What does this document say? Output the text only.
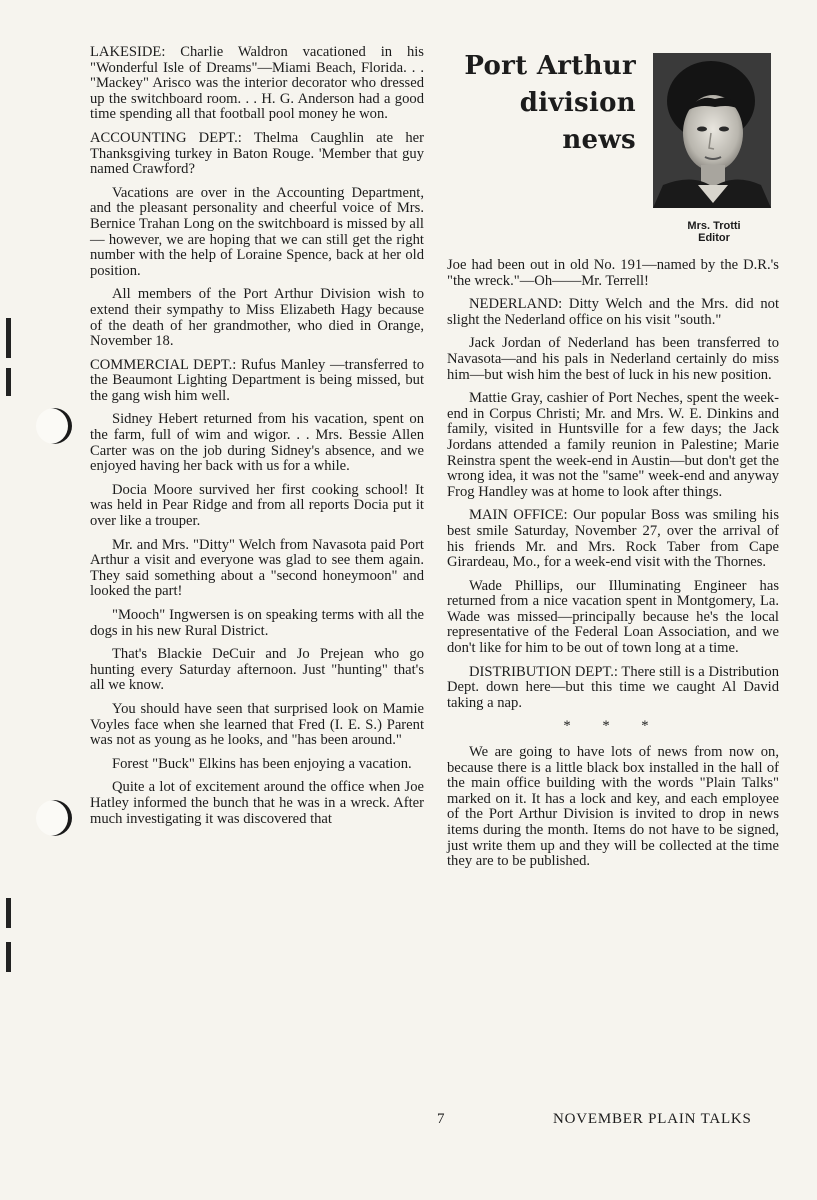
LAKESIDE: Charlie Waldron vacationed in his "Wonderful Isle of Dreams"—Miami Beach, Florida. . . "Mackey" Arisco was the interior decorator who dressed up the switchboard room. . . H. G. Anderson had a good time spending all that football pool money he won.

ACCOUNTING DEPT.: Thelma Caughlin ate her Thanksgiving turkey in Baton Rouge. 'Member that guy named Crawford?

Vacations are over in the Accounting Department, and the pleasant personality and cheerful voice of Mrs. Bernice Trahan Long on the switchboard is missed by all — however, we are hoping that we can still get the right number with the help of Loraine Spence, back at her old position.

All members of the Port Arthur Division wish to extend their sympathy to Miss Elizabeth Hagy because of the death of her grandmother, who died in Orange, November 18.

COMMERCIAL DEPT.: Rufus Manley —transferred to the Beaumont Lighting Department is being missed, but the gang wish him well.

Sidney Hebert returned from his vacation, spent on the farm, full of wim and wigor. . . Mrs. Bessie Allen Carter was on the job during Sidney's absence, and we enjoyed having her back with us for a while.

Docia Moore survived her first cooking school! It was held in Pear Ridge and from all reports Docia put it over like a trouper.

Mr. and Mrs. "Ditty" Welch from Navasota paid Port Arthur a visit and everyone was glad to see them again. They said something about a "second honeymoon" and looked the part!

"Mooch" Ingwersen is on speaking terms with all the dogs in his new Rural District.

That's Blackie DeCuir and Jo Prejean who go hunting every Saturday afternoon. Just "hunting" that's all we know.

You should have seen that surprised look on Mamie Voyles face when she learned that Fred (I. E. S.) Parent was not as young as he looks, and "has been around."

Forest "Buck" Elkins has been enjoying a vacation.

Quite a lot of excitement around the office when Joe Hatley informed the bunch that he was in a wreck. After much investigating it was discovered that

Port Arthur
division
news
Mrs. Trotti
Editor

Joe had been out in old No. 191—named by the D.R.'s "the wreck."—Oh——Mr. Terrell!

NEDERLAND: Ditty Welch and the Mrs. did not slight the Nederland office on his visit "south."

Jack Jordan of Nederland has been transferred to Navasota—and his pals in Nederland certainly do miss him—but wish him the best of luck in his new position.

Mattie Gray, cashier of Port Neches, spent the week-end in Corpus Christi; Mr. and Mrs. W. E. Dinkins and family, visited in Huntsville for a few days; the Jack Jordans attended a family reunion in Palestine; Marie Reinstra spent the week-end in Austin—but don't get the wrong idea, it was not the "same" week-end and anyway Frog Handley was at home to look after things.

MAIN OFFICE: Our popular Boss was smiling his best smile Saturday, November 27, over the arrival of his friends Mr. and Mrs. Rock Taber from Cape Girardeau, Mo., for a week-end visit with the Thornes.

Wade Phillips, our Illuminating Engineer has returned from a nice vacation spent in Montgomery, La. Wade was missed—principally because he's the local representative of the Federal Loan Association, and we don't like for him to be out of town long at a time.

DISTRIBUTION DEPT.: There still is a Distribution Dept. down here—but this time we caught Al David taking a nap.

* * *

We are going to have lots of news from now on, because there is a little black box installed in the hall of the main office building with the words "Plain Talks" marked on it. It has a lock and key, and each employee of the Port Arthur Division is invited to drop in news items during the month. Items do not have to be signed, just write them up and they will be collected at the time they are to be published.

7	NOVEMBER PLAIN TALKS
